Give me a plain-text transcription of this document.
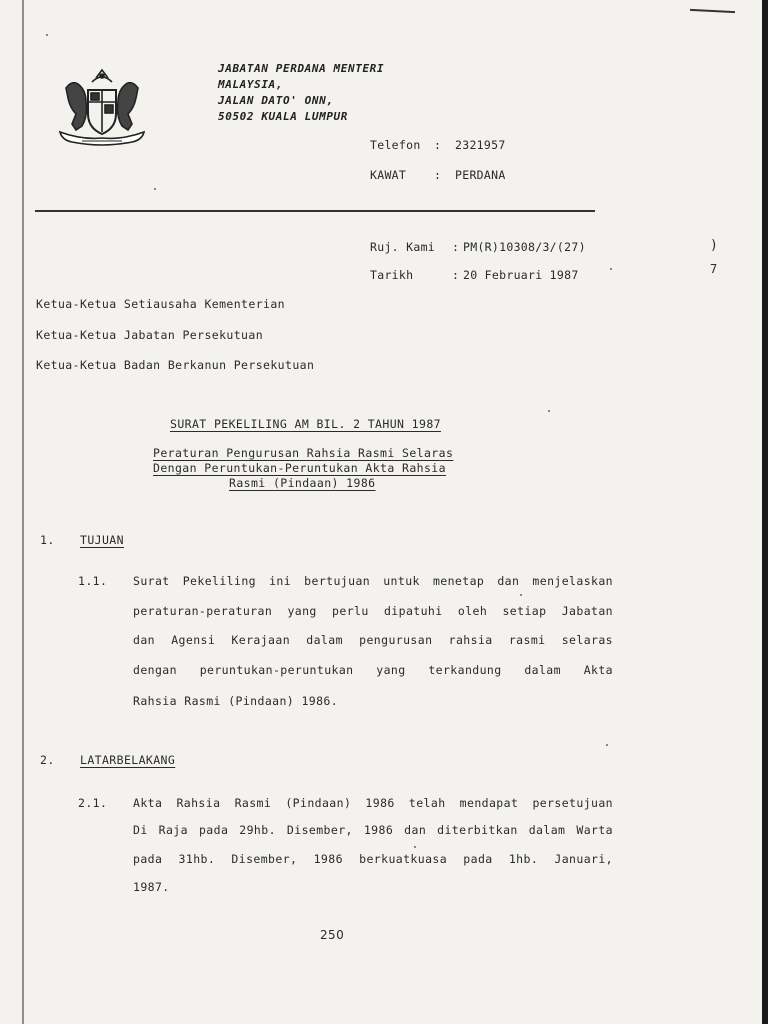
JABATAN PERDANA MENTERI
MALAYSIA,
JALAN DATO' ONN,
50502 KUALA LUMPUR
Telefon : 2321957
KAWAT : PERDANA
Ruj. Kami : PM(R)10308/3/(27)
Tarikh	: 20 Februari 1987
)
7
Ketua-Ketua Setiausaha Kementerian
Ketua-Ketua Jabatan Persekutuan
Ketua-Ketua Badan Berkanun Persekutuan
SURAT PEKELILING AM BIL. 2 TAHUN 1987
Peraturan Pengurusan Rahsia Rasmi Selaras
Dengan Peruntukan-Peruntukan Akta Rahsia
Rasmi (Pindaan) 1986
1. TUJUAN
1.1. Surat Pekeliling ini bertujuan untuk menetap dan menjelaskan
peraturan-peraturan yang perlu dipatuhi oleh setiap Jabatan
dan Agensi Kerajaan dalam pengurusan rahsia rasmi selaras
dengan peruntukan-peruntukan yang terkandung dalam Akta
Rahsia Rasmi (Pindaan) 1986.
2. LATARBELAKANG
2.1. Akta Rahsia Rasmi (Pindaan) 1986 telah mendapat persetujuan
Di Raja pada 29hb. Disember, 1986 dan diterbitkan dalam Warta
pada 31hb. Disember, 1986 berkuatkuasa pada 1hb. Januari,
1987.
250
